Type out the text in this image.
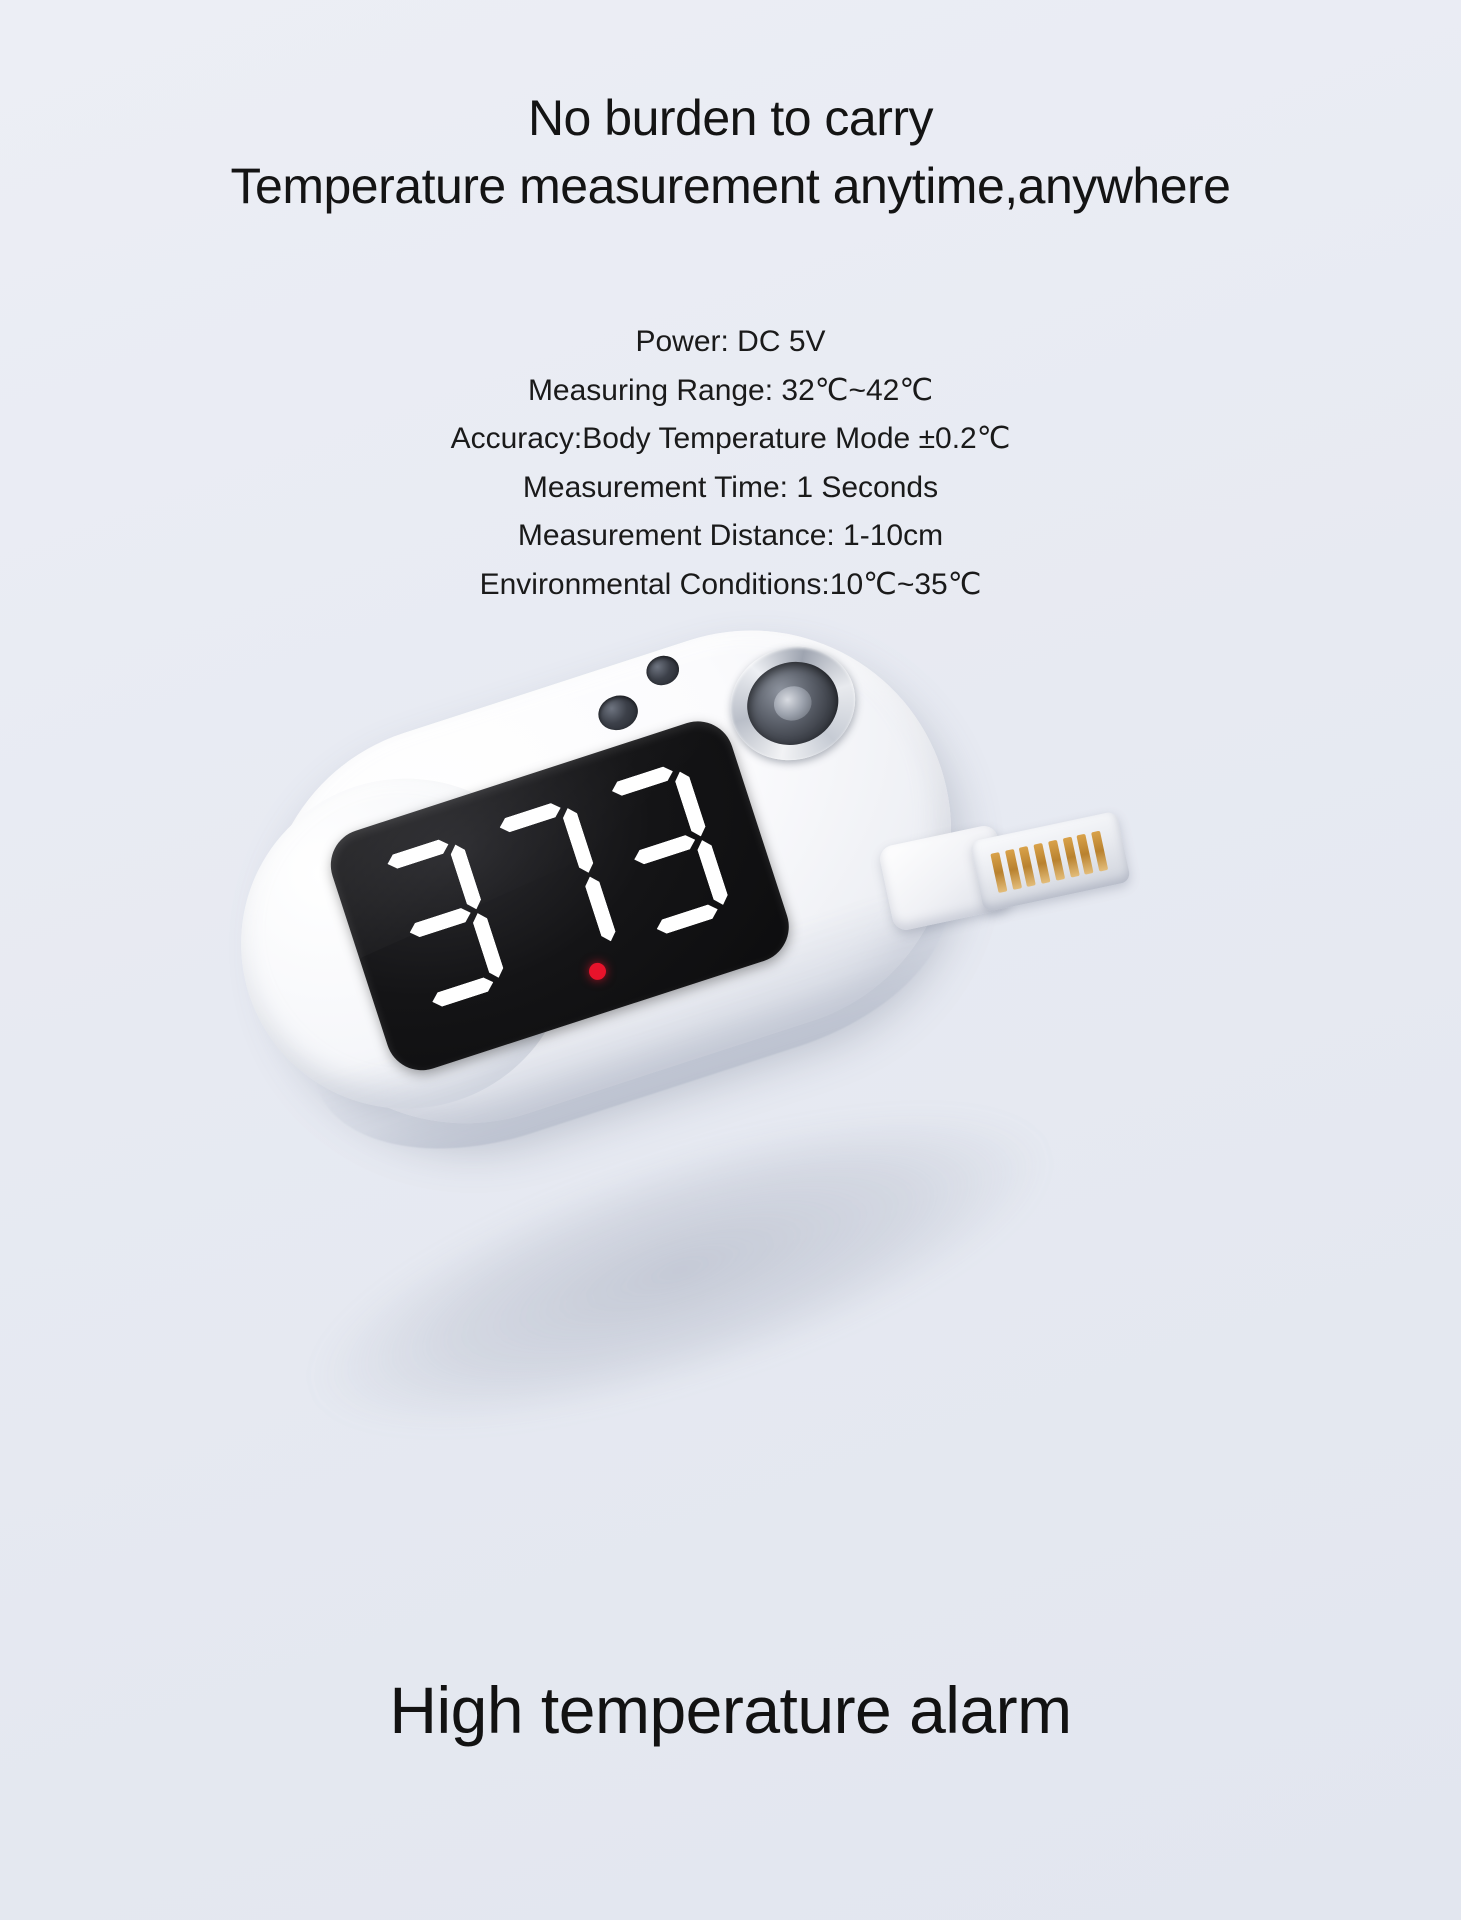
No burden to carry
Temperature measurement anytime,anywhere
Power: DC 5V
Measuring Range: 32℃~42℃
Accuracy:Body Temperature Mode ±0.2℃
Measurement Time: 1 Seconds
Measurement Distance: 1-10cm
Environmental Conditions:10℃~35℃
High temperature alarm
